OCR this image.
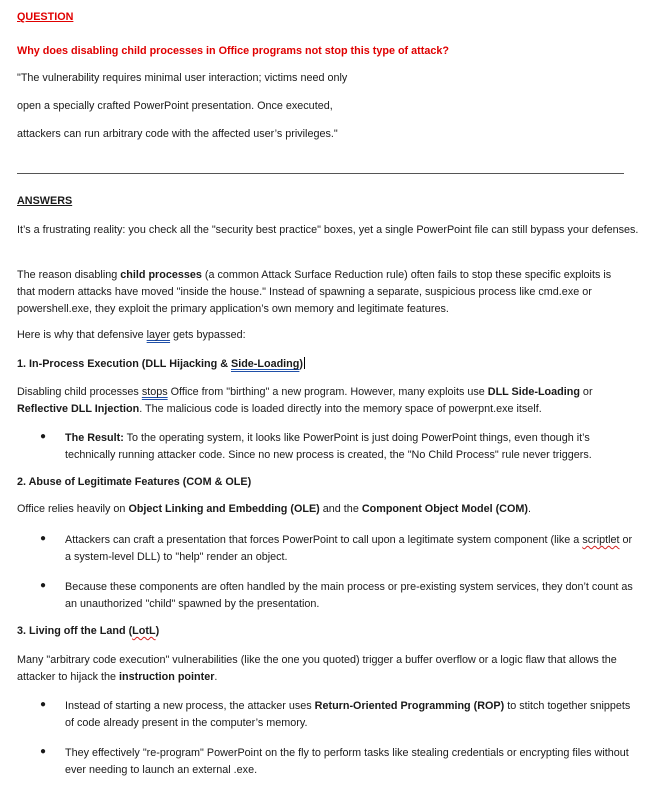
QUESTION
Why does disabling child processes in Office programs not stop this type of attack?
"The vulnerability requires minimal user interaction; victims need only
open a specially crafted PowerPoint presentation. Once executed,
attackers can run arbitrary code with the affected user’s privileges."
ANSWERS

It’s a frustrating reality: you check all the "security best practice" boxes, yet a single PowerPoint file can still bypass your defenses.

The reason disabling child processes (a common Attack Surface Reduction rule) often fails to stop these specific exploits is that modern attacks have moved "inside the house." Instead of spawning a separate, suspicious process like cmd.exe or powershell.exe, they exploit the primary application’s own memory and legitimate features.

Here is why that defensive layer gets bypassed:
1. In-Process Execution (DLL Hijacking & Side-Loading)

Disabling child processes stops Office from "birthing" a new program. However, many exploits use DLL Side-Loading or Reflective DLL Injection. The malicious code is loaded directly into the memory space of powerpnt.exe itself.

● The Result: To the operating system, it looks like PowerPoint is just doing PowerPoint things, even though it’s technically running attacker code. Since no new process is created, the "No Child Process" rule never triggers.

2. Abuse of Legitimate Features (COM & OLE)
Office relies heavily on Object Linking and Embedding (OLE) and the Component Object Model (COM).
● Attackers can craft a presentation that forces PowerPoint to call upon a legitimate system component (like a scriptlet or a system-level DLL) to "help" render an object.

● Because these components are often handled by the main process or pre-existing system services, they don’t count as an unauthorized "child" spawned by the presentation.

3. Living off the Land (LotL)

Many "arbitrary code execution" vulnerabilities (like the one you quoted) trigger a buffer overflow or a logic flaw that allows the attacker to hijack the instruction pointer.

● Instead of starting a new process, the attacker uses Return-Oriented Programming (ROP) to stitch together snippets of code already present in the computer’s memory.

● They effectively "re-program" PowerPoint on the fly to perform tasks like stealing credentials or encrypting files without ever needing to launch an external .exe.
